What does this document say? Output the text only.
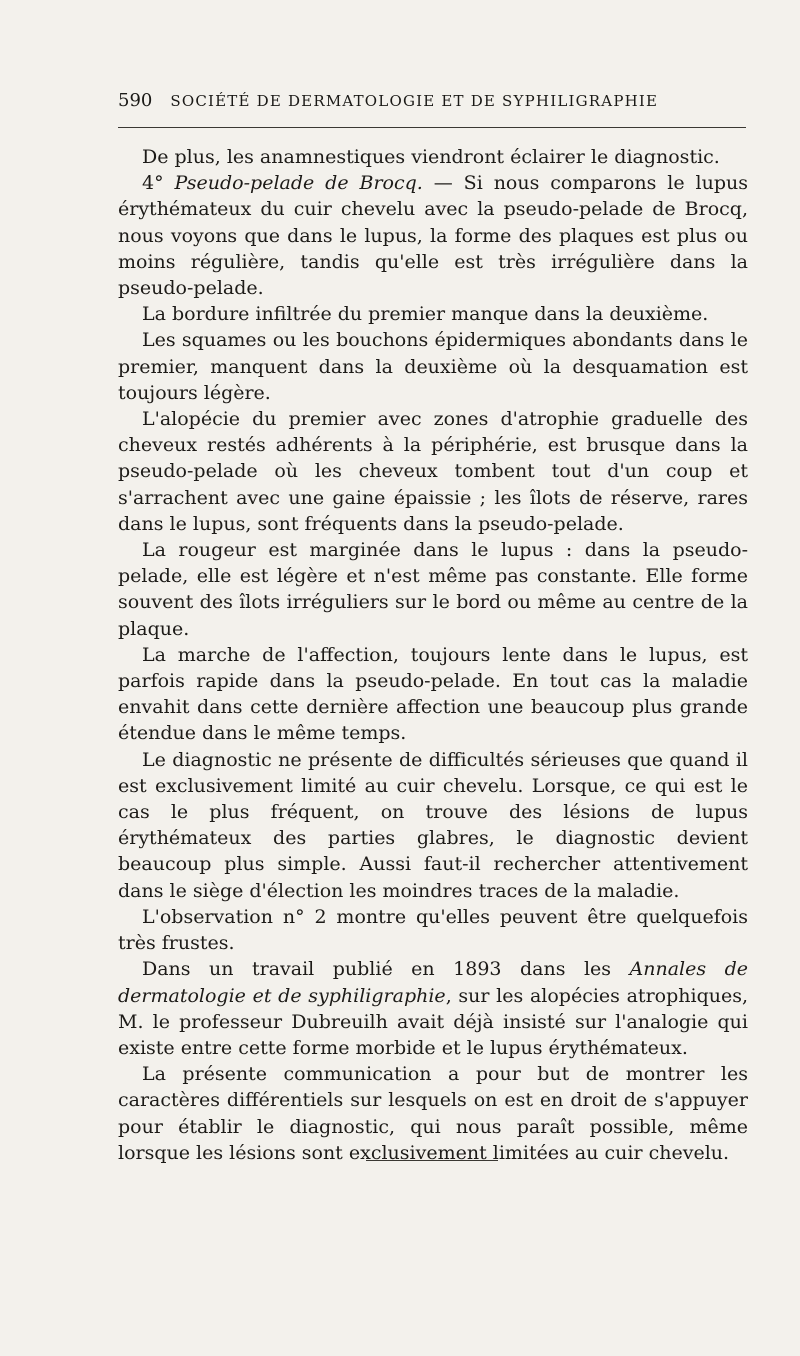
590 SOCIÉTÉ DE DERMATOLOGIE ET DE SYPHILIGRAPHIE

De plus, les anamnestiques viendront éclairer le diagnostic.

4° Pseudo-pelade de Brocq. — Si nous comparons le lupus érythémateux du cuir chevelu avec la pseudo-pelade de Brocq, nous voyons que dans le lupus, la forme des plaques est plus ou moins régulière, tandis qu'elle est très irrégulière dans la pseudo-pelade.

La bordure infiltrée du premier manque dans la deuxième.

Les squames ou les bouchons épidermiques abondants dans le premier, manquent dans la deuxième où la desquamation est toujours légère.

L'alopécie du premier avec zones d'atrophie graduelle des cheveux restés adhérents à la périphérie, est brusque dans la pseudo-pelade où les cheveux tombent tout d'un coup et s'arrachent avec une gaine épaissie ; les îlots de réserve, rares dans le lupus, sont fréquents dans la pseudo-pelade.

La rougeur est marginée dans le lupus : dans la pseudo-pelade, elle est légère et n'est même pas constante. Elle forme souvent des îlots irréguliers sur le bord ou même au centre de la plaque.

La marche de l'affection, toujours lente dans le lupus, est parfois rapide dans la pseudo-pelade. En tout cas la maladie envahit dans cette dernière affection une beaucoup plus grande étendue dans le même temps.

Le diagnostic ne présente de difficultés sérieuses que quand il est exclusivement limité au cuir chevelu. Lorsque, ce qui est le cas le plus fréquent, on trouve des lésions de lupus érythémateux des parties glabres, le diagnostic devient beaucoup plus simple. Aussi faut-il rechercher attentivement dans le siège d'élection les moindres traces de la maladie.

L'observation n° 2 montre qu'elles peuvent être quelquefois très frustes.

Dans un travail publié en 1893 dans les Annales de dermatologie et de syphiligraphie, sur les alopécies atrophiques, M. le professeur Dubreuilh avait déjà insisté sur l'analogie qui existe entre cette forme morbide et le lupus érythémateux.

La présente communication a pour but de montrer les caractères différentiels sur lesquels on est en droit de s'appuyer pour établir le diagnostic, qui nous paraît possible, même lorsque les lésions sont exclusivement limitées au cuir chevelu.
